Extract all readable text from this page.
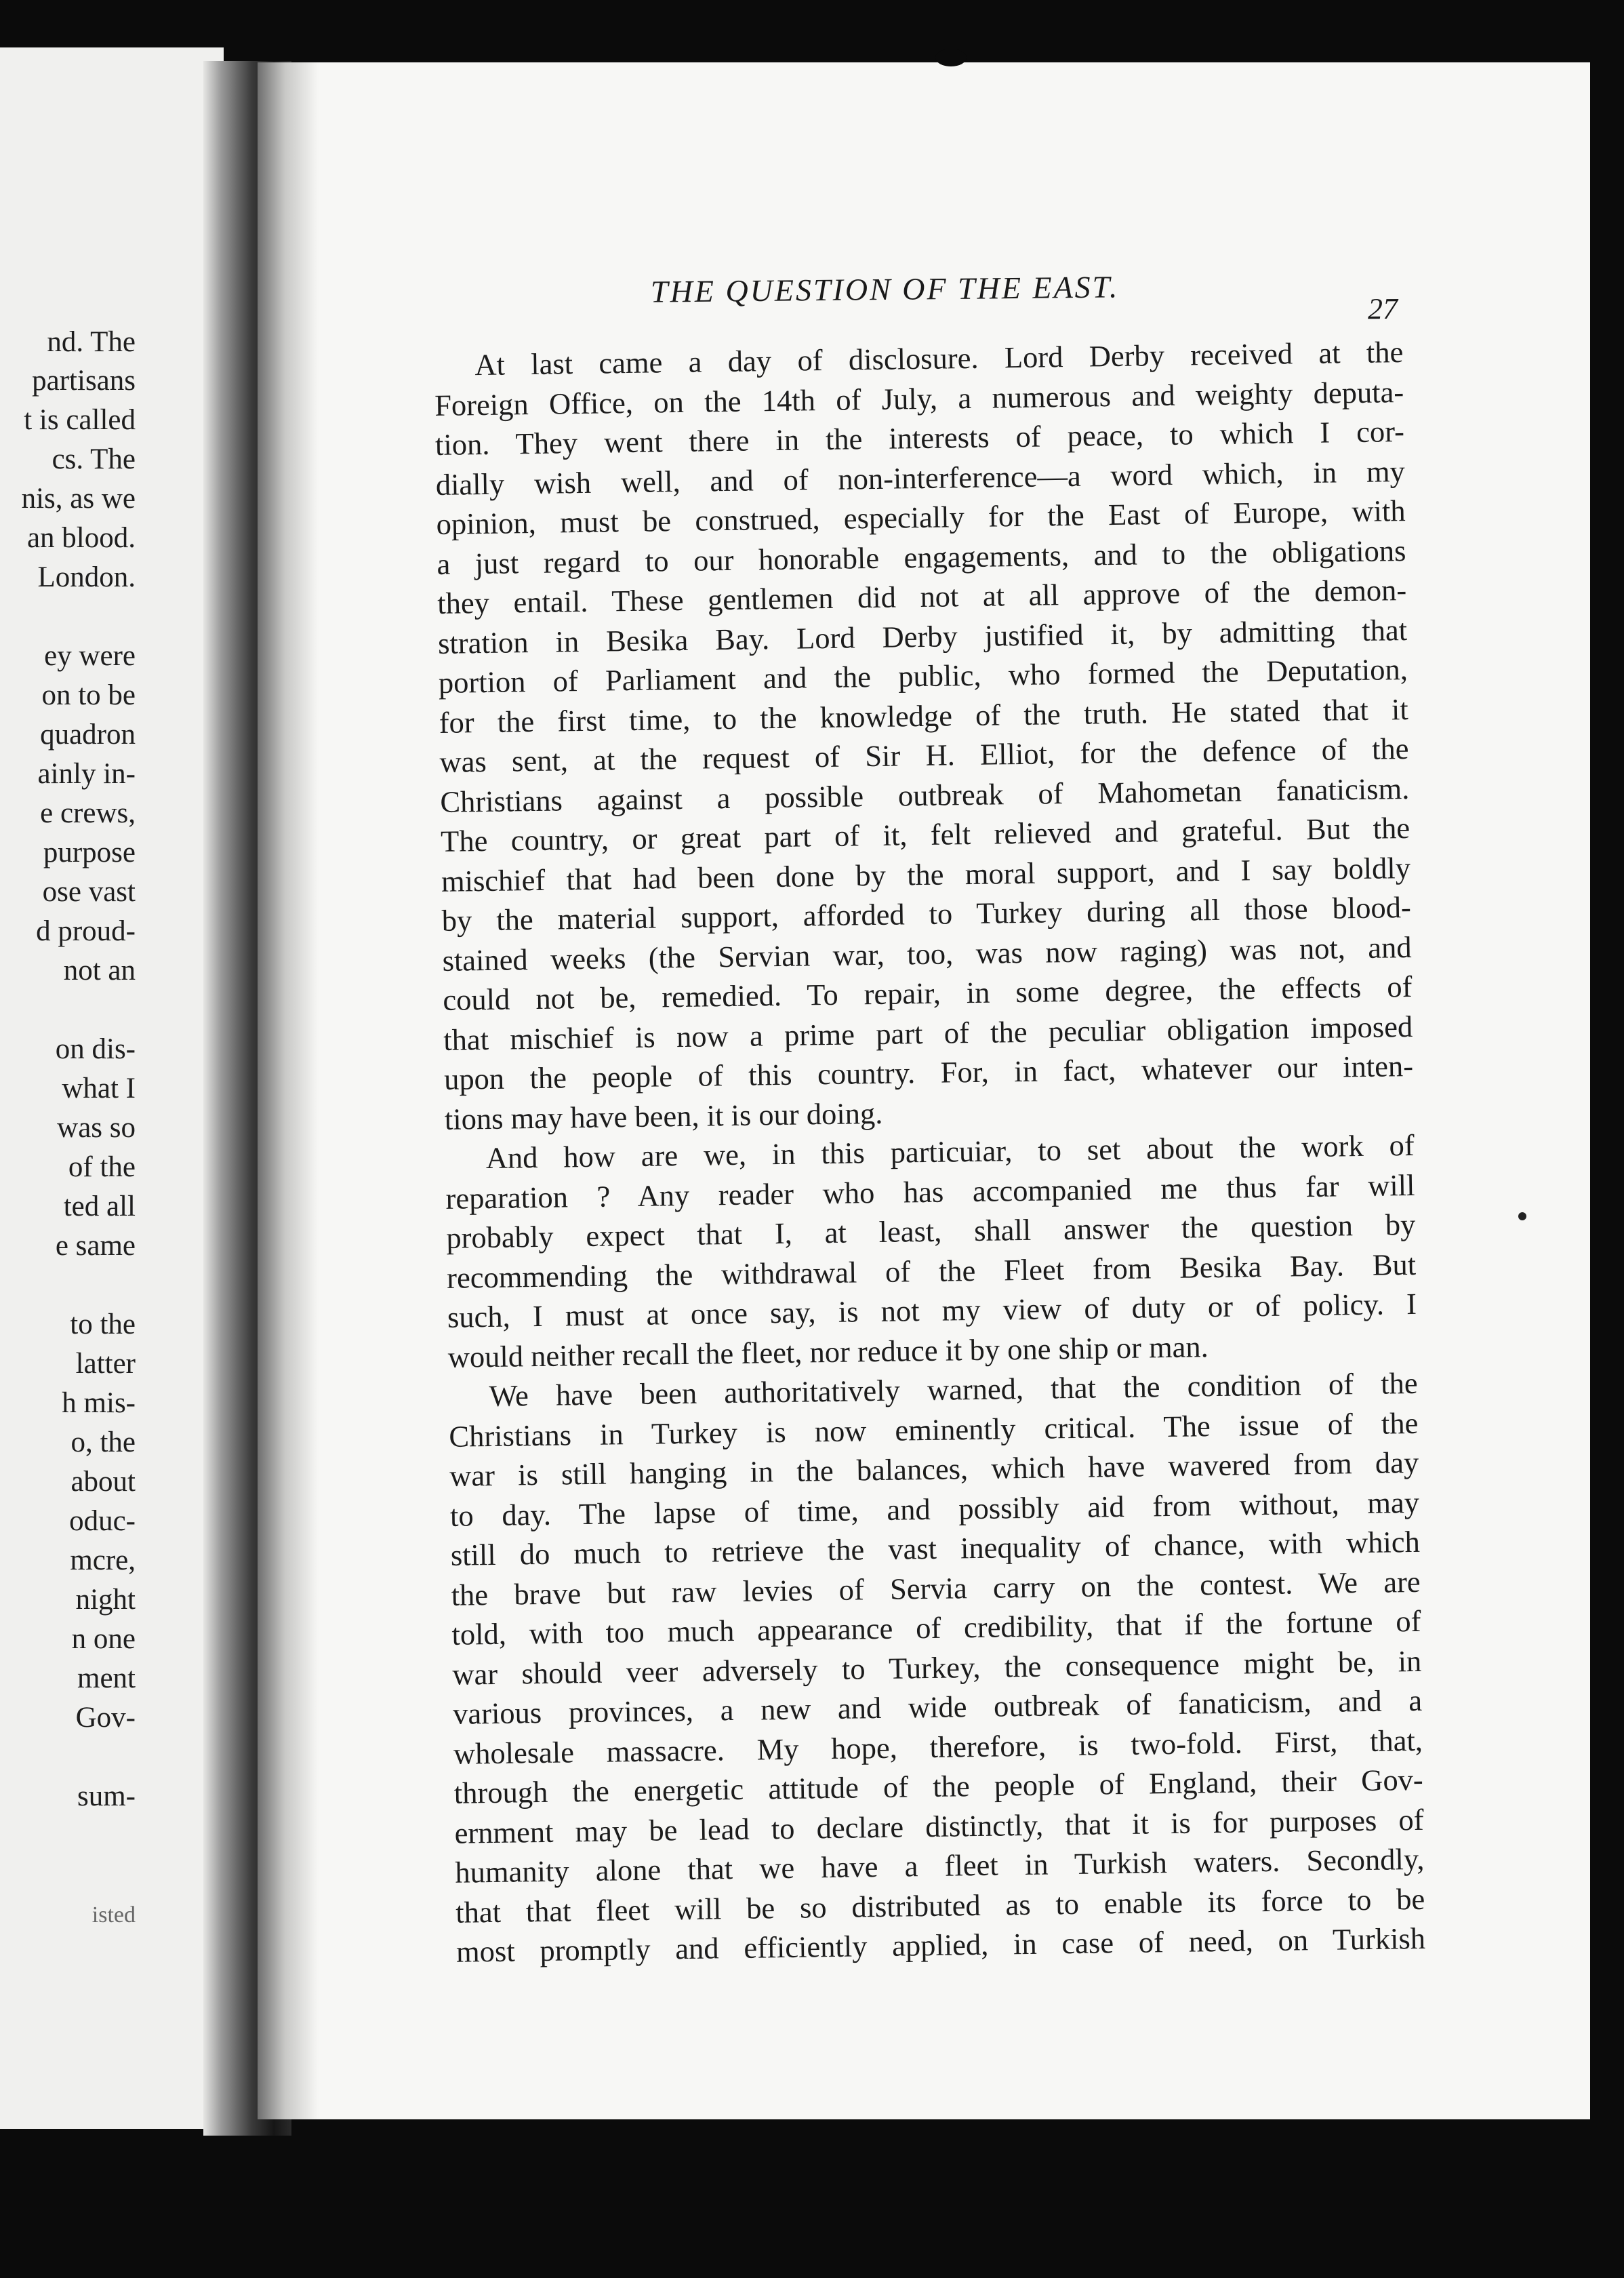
nd. The
partisans
t is called
cs. The
nis, as we
an blood.
London.
ey were
on to be
quadron
ainly in-
e crews,
purpose
ose vast
d proud-
not an
on dis-
what I
was so
of the
ted all
e same
to the
latter
h mis-
o, the
about
oduc-
mcre,
night
n one
ment
Gov-
sum-
isted
THE QUESTION OF THE EAST.	27
At last came a day of disclosure. Lord Derby received at the
Foreign Office, on the 14th of July, a numerous and weighty deputa-
tion. They went there in the interests of peace, to which I cor-
dially wish well, and of non-interference—a word which, in my
opinion, must be construed, especially for the East of Europe, with
a just regard to our honorable engagements, and to the obligations
they entail. These gentlemen did not at all approve of the demon-
stration in Besika Bay. Lord Derby justified it, by admitting that
portion of Parliament and the public, who formed the Deputation,
for the first time, to the knowledge of the truth. He stated that it
was sent, at the request of Sir H. Elliot, for the defence of the
Christians against a possible outbreak of Mahometan fanaticism.
The country, or great part of it, felt relieved and grateful. But the
mischief that had been done by the moral support, and I say boldly
by the material support, afforded to Turkey during all those blood-
stained weeks (the Servian war, too, was now raging) was not, and
could not be, remedied. To repair, in some degree, the effects of
that mischief is now a prime part of the peculiar obligation imposed
upon the people of this country. For, in fact, whatever our inten-
tions may have been, it is our doing.
And how are we, in this particuiar, to set about the work of
reparation ? Any reader who has accompanied me thus far will
probably expect that I, at least, shall answer the question by
recommending the withdrawal of the Fleet from Besika Bay. But
such, I must at once say, is not my view of duty or of policy. I
would neither recall the fleet, nor reduce it by one ship or man.
We have been authoritatively warned, that the condition of the
Christians in Turkey is now eminently critical. The issue of the
war is still hanging in the balances, which have wavered from day
to day. The lapse of time, and possibly aid from without, may
still do much to retrieve the vast inequality of chance, with which
the brave but raw levies of Servia carry on the contest. We are
told, with too much appearance of credibility, that if the fortune of
war should veer adversely to Turkey, the consequence might be, in
various provinces, a new and wide outbreak of fanaticism, and a
wholesale massacre. My hope, therefore, is two-fold. First, that,
through the energetic attitude of the people of England, their Gov-
ernment may be lead to declare distinctly, that it is for purposes of
humanity alone that we have a fleet in Turkish waters. Secondly,
that that fleet will be so distributed as to enable its force to be
most promptly and efficiently applied, in case of need, on Turkish
